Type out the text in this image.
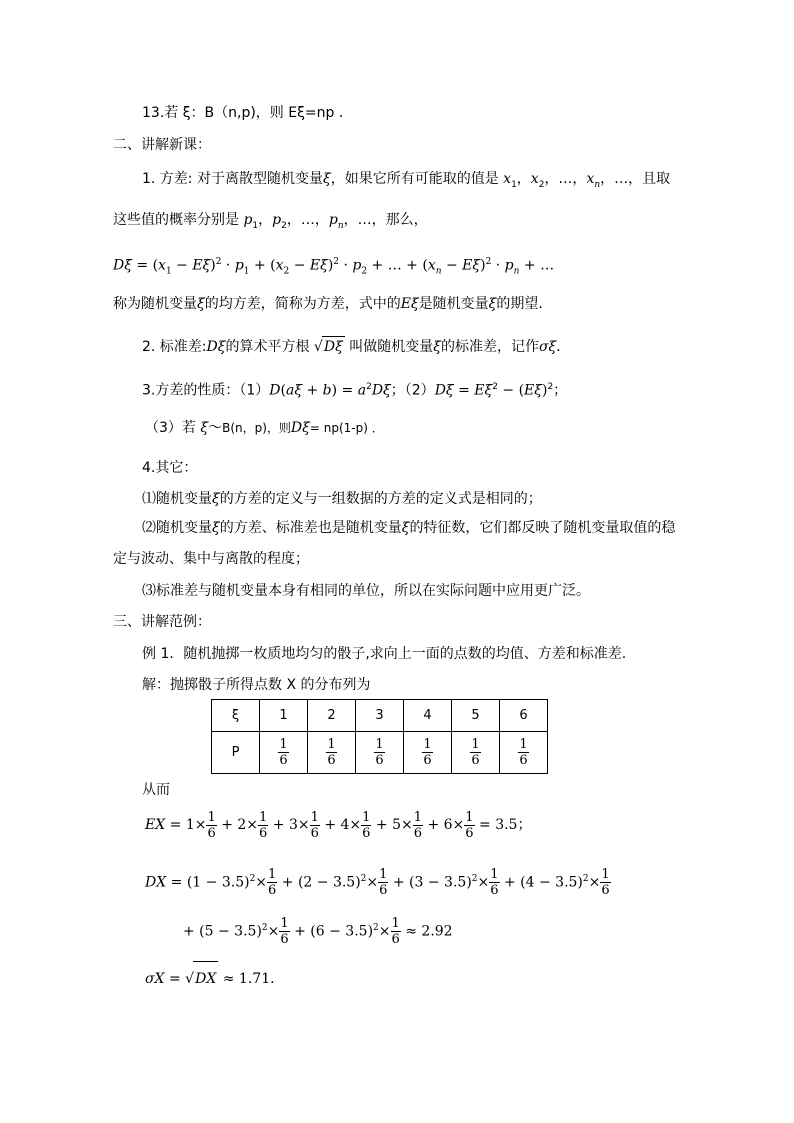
13.若 ξ：B（n,p)，则 Eξ=np ．
二、讲解新课：
1. 方差: 对于离散型随机变量ξ，如果它所有可能取的值是 $x_1$，$x_2$，…，$x_n$，…，且取
这些值的概率分别是 $p_1$，$p_2$，…，$p_n$，…，那么，
$D\xi = (x_1 - E\xi)^2 \cdot p_1 + (x_2 - E\xi)^2 \cdot p_2$ + … + $(x_n - E\xi)^2 \cdot p_n$ + …
称为随机变量ξ的均方差，简称为方差，式中的Eξ是随机变量ξ的期望．
2. 标准差:Dξ的算术平方根 √Dξ 叫做随机变量ξ的标准差，记作σξ．
3.方差的性质：$(1)D(a\xi + b) = a^2D\xi$；$(2)D\xi = E\xi^2 - (E\xi)^2$；
（3）若 ξ～B(n，p)，则Dξ= np(1-p) ．
4.其它：
⑴随机变量ξ的方差的定义与一组数据的方差的定义式是相同的；
⑵随机变量ξ的方差、标准差也是随机变量ξ的特征数，它们都反映了随机变量取值的稳
定与波动、集中与离散的程度；
⑶标准差与随机变量本身有相同的单位，所以在实际问题中应用更广泛。
三、讲解范例：
例 1．随机抛掷一枚质地均匀的骰子,求向上一面的点数的均值、方差和标准差.
解：抛掷骰子所得点数 X 的分布列为
ξ	1	2	3	4	5	6
P	$\frac{1}{6}$	$\frac{1}{6}$	$\frac{1}{6}$	$\frac{1}{6}$	$\frac{1}{6}$	$\frac{1}{6}$
从而
EX = $1\times \frac{1}{6} + 2\times \frac{1}{6} + 3\times \frac{1}{6} + 4\times \frac{1}{6} + 5\times \frac{1}{6} + 6\times \frac{1}{6} = 3.5$；
DX = $(1 - 3.5)^2\times \frac{1}{6} + (2 - 3.5)^2\times \frac{1}{6} + (3 - 3.5)^2\times \frac{1}{6} + (4 - 3.5)^2\times \frac{1}{6}$
+ $(5 - 3.5)^2\times \frac{1}{6} + (6 - 3.5)^2\times \frac{1}{6} \approx 2.92$
σX = √DX ≈ 1.71.
